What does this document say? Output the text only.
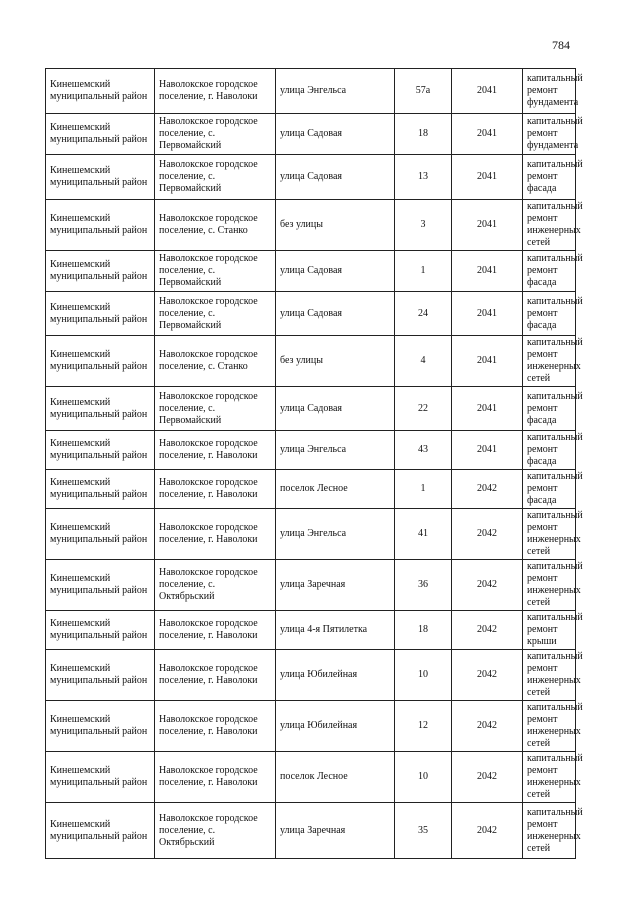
784
Кинешемский муниципальный район	Наволокское городское поселение, г. Наволоки	улица Энгельса	57а	2041	капитальный ремонт фундамента
Кинешемский муниципальный район	Наволокское городское поселение, с. Первомайский	улица Садовая	18	2041	капитальный ремонт фундамента
Кинешемский муниципальный район	Наволокское городское поселение, с. Первомайский	улица Садовая	13	2041	капитальный ремонт фасада
Кинешемский муниципальный район	Наволокское городское поселение, с. Станко	без улицы	3	2041	капитальный ремонт инженерных сетей
Кинешемский муниципальный район	Наволокское городское поселение, с. Первомайский	улица Садовая	1	2041	капитальный ремонт фасада
Кинешемский муниципальный район	Наволокское городское поселение, с. Первомайский	улица Садовая	24	2041	капитальный ремонт фасада
Кинешемский муниципальный район	Наволокское городское поселение, с. Станко	без улицы	4	2041	капитальный ремонт инженерных сетей
Кинешемский муниципальный район	Наволокское городское поселение, с. Первомайский	улица Садовая	22	2041	капитальный ремонт фасада
Кинешемский муниципальный район	Наволокское городское поселение, г. Наволоки	улица Энгельса	43	2041	капитальный ремонт фасада
Кинешемский муниципальный район	Наволокское городское поселение, г. Наволоки	поселок Лесное	1	2042	капитальный ремонт фасада
Кинешемский муниципальный район	Наволокское городское поселение, г. Наволоки	улица Энгельса	41	2042	капитальный ремонт инженерных сетей
Кинешемский муниципальный район	Наволокское городское поселение, с. Октябрьский	улица Заречная	36	2042	капитальный ремонт инженерных сетей
Кинешемский муниципальный район	Наволокское городское поселение, г. Наволоки	улица 4-я Пятилетка	18	2042	капитальный ремонт крыши
Кинешемский муниципальный район	Наволокское городское поселение, г. Наволоки	улица Юбилейная	10	2042	капитальный ремонт инженерных сетей
Кинешемский муниципальный район	Наволокское городское поселение, г. Наволоки	улица Юбилейная	12	2042	капитальный ремонт инженерных сетей
Кинешемский муниципальный район	Наволокское городское поселение, г. Наволоки	поселок Лесное	10	2042	капитальный ремонт инженерных сетей
Кинешемский муниципальный район	Наволокское городское поселение, с. Октябрьский	улица Заречная	35	2042	капитальный ремонт инженерных сетей
